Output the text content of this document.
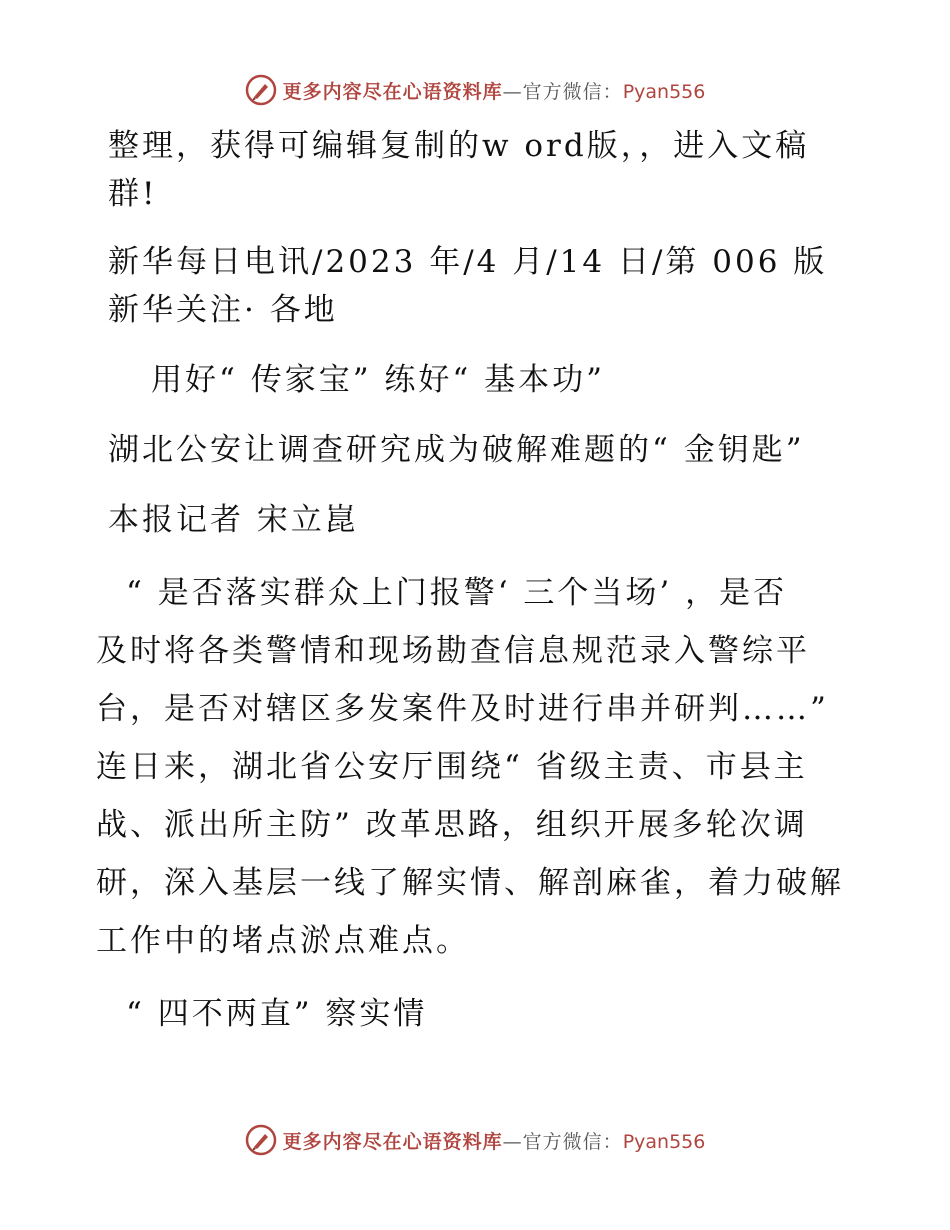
更多内容尽在心语资料库—官方微信：Pyan556

整理，获得可编辑复制的w ord版，，进入文稿群!

新华每日电讯/2023 年/4 月/14 日/第 006 版新华关注· 各地

用好“ 传家宝” 练好“ 基本功”

湖北公安让调查研究成为破解难题的“ 金钥匙”

本报记者 宋立崑

“ 是否落实群众上门报警‘ 三个当场’ ，是否
及时将各类警情和现场勘查信息规范录入警综平
台，是否对辖区多发案件及时进行串并研判……”
连日来，湖北省公安厅围绕“ 省级主责、市县主
战、派出所主防” 改革思路，组织开展多轮次调
研，深入基层一线了解实情、解剖麻雀，着力破解
工作中的堵点淤点难点。

“ 四不两直” 察实情

更多内容尽在心语资料库—官方微信：Pyan556
